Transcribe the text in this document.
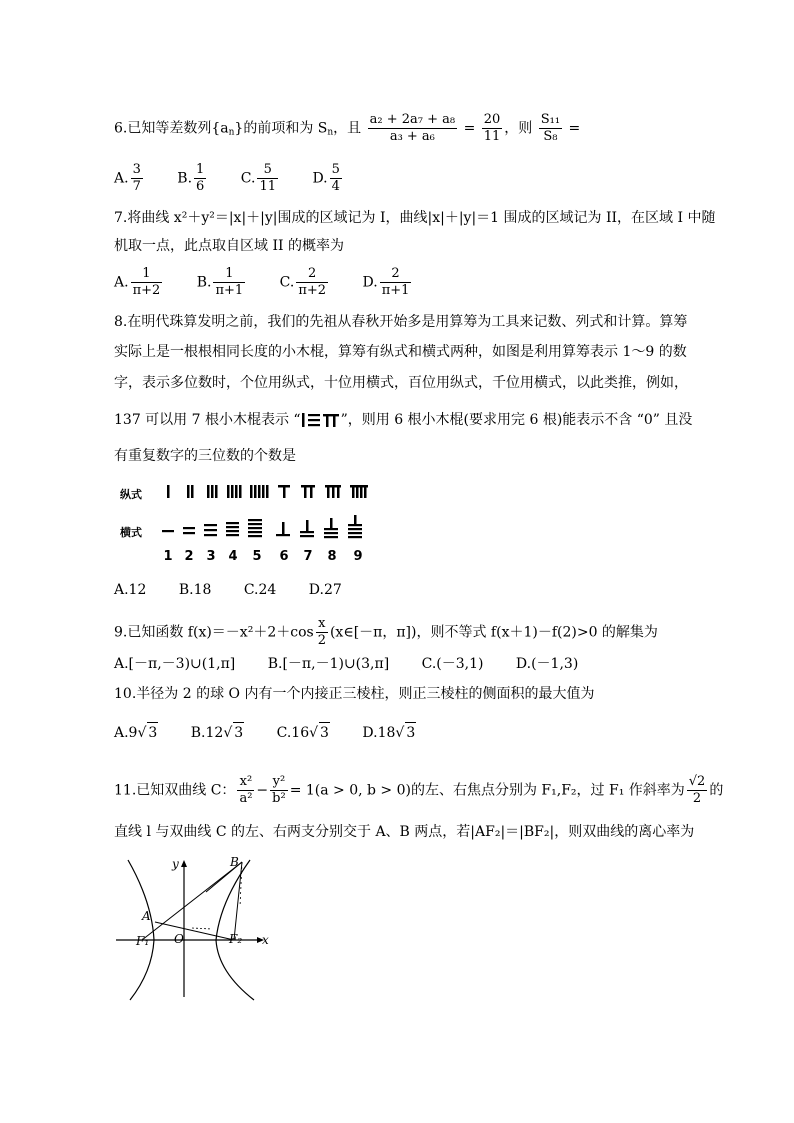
6.已知等差数列$\{a_n\}$的前项和为 $S_n$，且 $\frac{\text{a₂ + 2a₇ + a₈}}{\text{a₃ + a₆}} = \frac{20}{11}$ ，则 $\frac{\text{S₁₁}}{\text{S₈}}$ =
A. $\frac{3}{7} B$. $\frac{1}{6} C$. $\frac{5}{11} D$. $\frac{5}{4}$
7.将曲线 x²＋y²＝|x|＋|y|围成的区域记为 I，曲线|x|＋|y|＝1 围成的区域记为 II，在区域 I 中随
机取一点，此点取自区域 II 的概率为
A. $\frac{1}{\pi+2} B$. $\frac{1}{\pi+1} C$. $\frac{2}{\pi+2} D$. $\frac{2}{\pi+1}$
8.在明代珠算发明之前，我们的先祖从春秋开始多是用算筹为工具来记数、列式和计算。算筹
实际上是一根根相同长度的小木棍，算筹有纵式和横式两种，如图是利用算筹表示 1～9 的数
字，表示多位数时，个位用纵式，十位用横式，百位用纵式，千位用横式，以此类推，例如，
137 可以用 7 根小木棍表示 “	”，则用 6 根小木棍(要求用完 6 根)能表示不含 “0” 且没
有重复数字的三位数的个数是
纵式
横式
1 2 3 4 5 6 7 8 9
A.12 B.18 C.24 D.27
9.已知函数 $f(x)=-x^2+2+\cos \frac{x}{2}$ (x∈[－π，π])，则不等式 f(x＋1)－f(2)>0 的解集为
A.[－π,－3)∪(1,π] B.[－π,－1)∪(3,π] C.(－3,1) D.(－1,3)
10.半径为 2 的球 O 内有一个内接正三棱柱，则正三棱柱的侧面积的最大值为
A.9√ 3 B.12√ 3 C.16√ 3 D.18√ 3
11.已知双曲线 C： $\frac{\text{x²}}{\text{a²}} - \frac{\text{y²}}{\text{b²}} = 1(a > 0$, b > 0)的左、右焦点分别为 F₁,F₂，过 F₁ 作斜率为 $\frac{√2}{2}$ 的
直线 l 与双曲线 C 的左、右两支分别交于 A、B 两点，若|AF₂|＝|BF₂|，则双曲线的离心率为
y
x
A
B
O
F₁	F₂
